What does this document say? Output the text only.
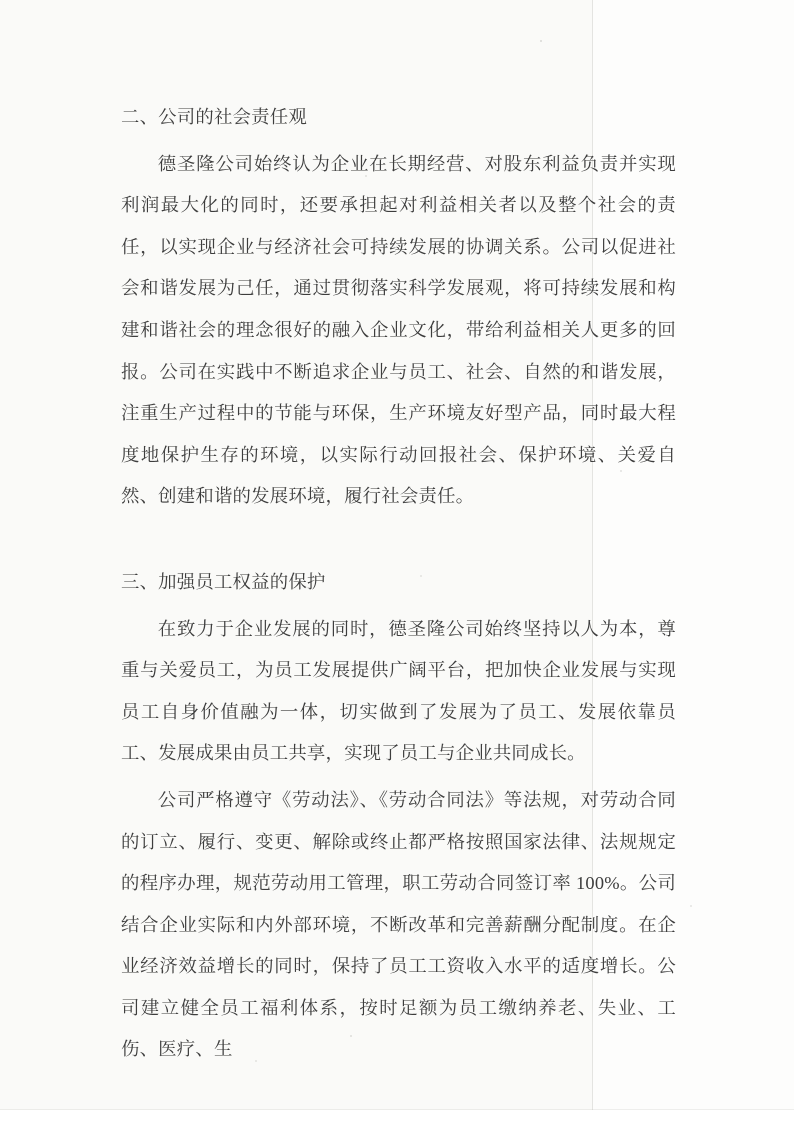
二、公司的社会责任观

德圣隆公司始终认为企业在长期经营、对股东利益负责并实现利润最大化的同时，还要承担起对利益相关者以及整个社会的责任，以实现企业与经济社会可持续发展的协调关系。公司以促进社会和谐发展为己任，通过贯彻落实科学发展观，将可持续发展和构建和谐社会的理念很好的融入企业文化，带给利益相关人更多的回报。公司在实践中不断追求企业与员工、社会、自然的和谐发展，注重生产过程中的节能与环保，生产环境友好型产品，同时最大程度地保护生存的环境，以实际行动回报社会、保护环境、关爱自然、创建和谐的发展环境，履行社会责任。

三、加强员工权益的保护

在致力于企业发展的同时，德圣隆公司始终坚持以人为本，尊重与关爱员工，为员工发展提供广阔平台，把加快企业发展与实现员工自身价值融为一体，切实做到了发展为了员工、发展依靠员工、发展成果由员工共享，实现了员工与企业共同成长。

公司严格遵守《劳动法》、《劳动合同法》等法规，对劳动合同的订立、履行、变更、解除或终止都严格按照国家法律、法规规定的程序办理，规范劳动用工管理，职工劳动合同签订率 100%。公司结合企业实际和内外部环境，不断改革和完善薪酬分配制度。在企业经济效益增长的同时，保持了员工工资收入水平的适度增长。公司建立健全员工福利体系，按时足额为员工缴纳养老、失业、工伤、医疗、生
